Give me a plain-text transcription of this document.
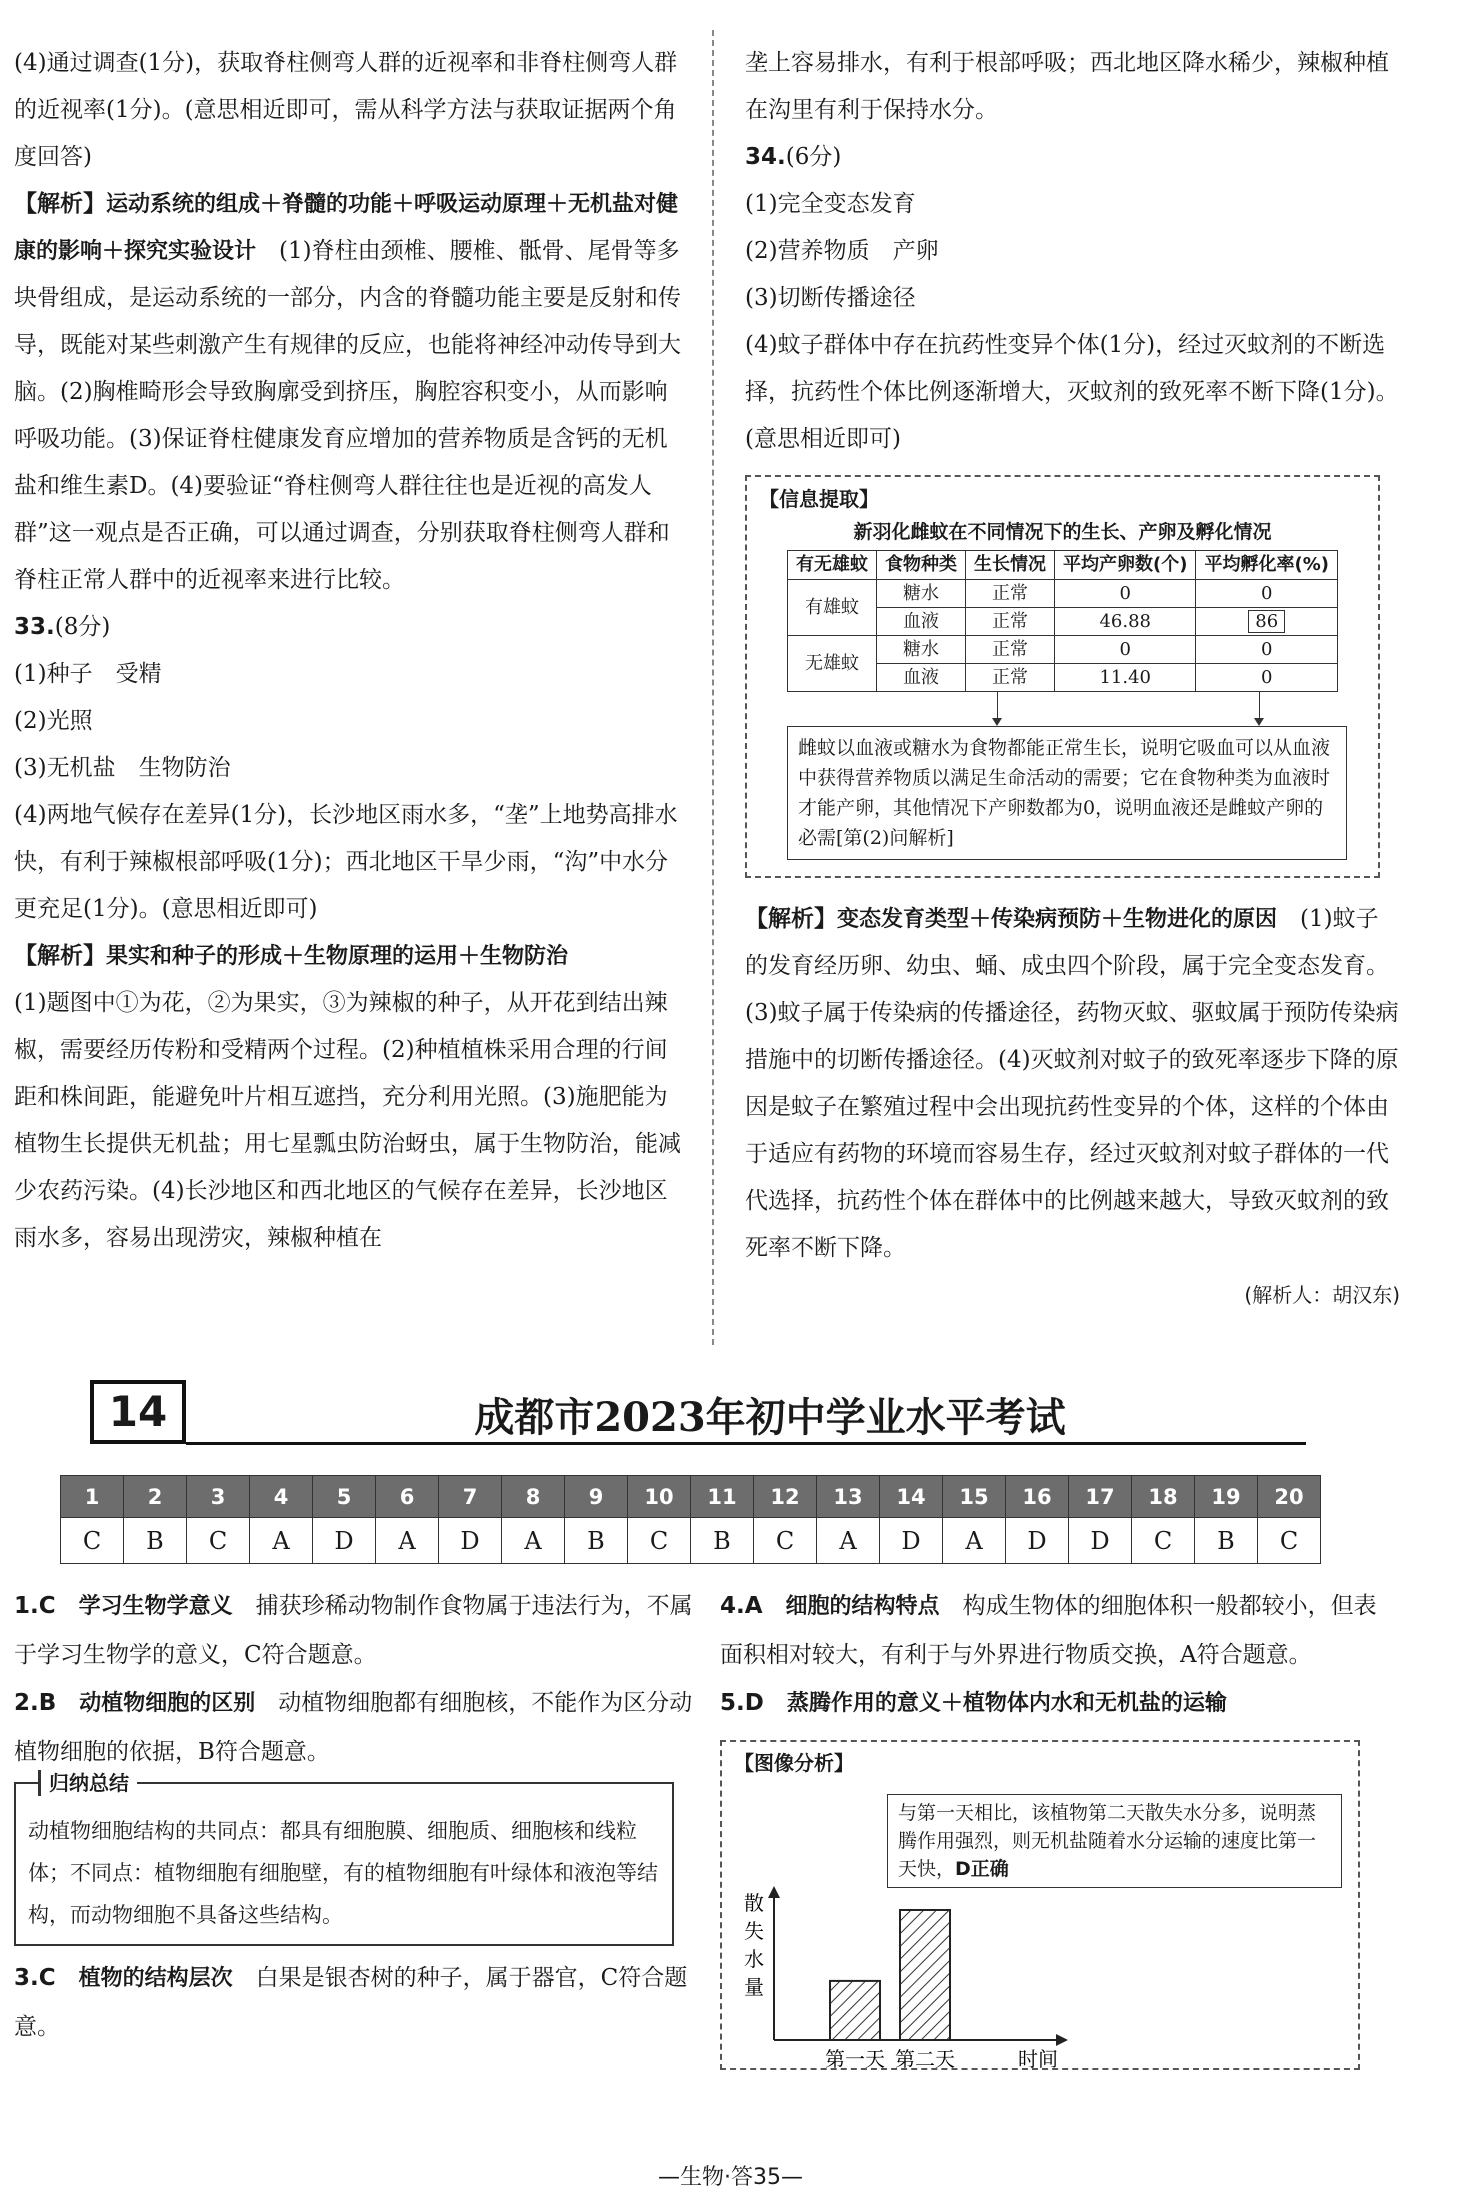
(4)通过调查(1分)，获取脊柱侧弯人群的近视率和非脊柱侧弯人群的近视率(1分)。(意思相近即可，需从科学方法与获取证据两个角度回答)

【解析】运动系统的组成＋脊髓的功能＋呼吸运动原理＋无机盐对健康的影响＋探究实验设计　 (1)脊柱由颈椎、腰椎、骶骨、尾骨等多块骨组成，是运动系统的一部分，内含的脊髓功能主要是反射和传导，既能对某些刺激产生有规律的反应，也能将神经冲动传导到大脑。(2)胸椎畸形会导致胸廓受到挤压，胸腔容积变小，从而影响呼吸功能。(3)保证脊柱健康发育应增加的营养物质是含钙的无机盐和维生素D。(4)要验证“脊柱侧弯人群往往也是近视的高发人群”这一观点是否正确，可以通过调查，分别获取脊柱侧弯人群和脊柱正常人群中的近视率来进行比较。

33.(8分)

(1)种子　受精

(2)光照

(3)无机盐　生物防治

(4)两地气候存在差异(1分)，长沙地区雨水多，“垄”上地势高排水快，有利于辣椒根部呼吸(1分)；西北地区干旱少雨，“沟”中水分更充足(1分)。(意思相近即可)

【解析】果实和种子的形成＋生物原理的运用＋生物防治

(1)题图中①为花，②为果实，③为辣椒的种子，从开花到结出辣椒，需要经历传粉和受精两个过程。(2)种植植株采用合理的行间距和株间距，能避免叶片相互遮挡，充分利用光照。(3)施肥能为植物生长提供无机盐；用七星瓢虫防治蚜虫，属于生物防治，能减少农药污染。(4)长沙地区和西北地区的气候存在差异，长沙地区雨水多，容易出现涝灾，辣椒种植在

垄上容易排水，有利于根部呼吸；西北地区降水稀少，辣椒种植在沟里有利于保持水分。

34.(6分)

(1)完全变态发育

(2)营养物质　产卵

(3)切断传播途径

(4)蚊子群体中存在抗药性变异个体(1分)，经过灭蚊剂的不断选择，抗药性个体比例逐渐增大，灭蚊剂的致死率不断下降(1分)。(意思相近即可)

【信息提取】
新羽化雌蚊在不同情况下的生长、产卵及孵化情况
有无雄蚊	食物种类	生长情况	平均产卵数(个)	平均孵化率(%)
有雄蚊	糖水	正常	0	0
	血液	正常	46.88	86
无雄蚊	糖水	正常	0	0
	血液	正常	11.40	0
雌蚊以血液或糖水为食物都能正常生长，说明它吸血可以从血液中获得营养物质以满足生命活动的需要；它在食物种类为血液时才能产卵，其他情况下产卵数都为0，说明血液还是雌蚊产卵的必需[第(2)问解析]

【解析】变态发育类型＋传染病预防＋生物进化的原因　 (1)蚊子的发育经历卵、幼虫、蛹、成虫四个阶段，属于完全变态发育。(3)蚊子属于传染病的传播途径，药物灭蚊、驱蚊属于预防传染病措施中的切断传播途径。(4)灭蚊剂对蚊子的致死率逐步下降的原因是蚊子在繁殖过程中会出现抗药性变异的个体，这样的个体由于适应有药物的环境而容易生存，经过灭蚊剂对蚊子群体的一代代选择，抗药性个体在群体中的比例越来越大，导致灭蚊剂的致死率不断下降。

(解析人：胡汉东)

14	成都市2023年初中学业水平考试
1	2	3	4	5	6	7	8	9	10	11	12	13	14	15	16	17	18	19	20
C	B	C	A	D	A	D	A	B	C	B	C	A	D	A	D	D	C	B	C

1.C　 学习生物学意义　 捕获珍稀动物制作食物属于违法行为，不属于学习生物学的意义，C符合题意。

2.B　 动植物细胞的区别　 动植物细胞都有细胞核，不能作为区分动植物细胞的依据，B符合题意。

归纳总结
动植物细胞结构的共同点：都具有细胞膜、细胞质、细胞核和线粒体；不同点：植物细胞有细胞壁，有的植物细胞有叶绿体和液泡等结构，而动物细胞不具备这些结构。

3.C　 植物的结构层次　 白果是银杏树的种子，属于器官，C符合题意。

4.A　 细胞的结构特点　 构成生物体的细胞体积一般都较小，但表面积相对较大，有利于与外界进行物质交换，A符合题意。

5.D　 蒸腾作用的意义＋植物体内水和无机盐的运输

第一天 第二天
散失水量
时间
【图像分析】
与第一天相比，该植物第二天散失水分多，说明蒸腾作用强烈，则无机盐随着水分运输的速度比第一天快，D正确
—生物·答35—
